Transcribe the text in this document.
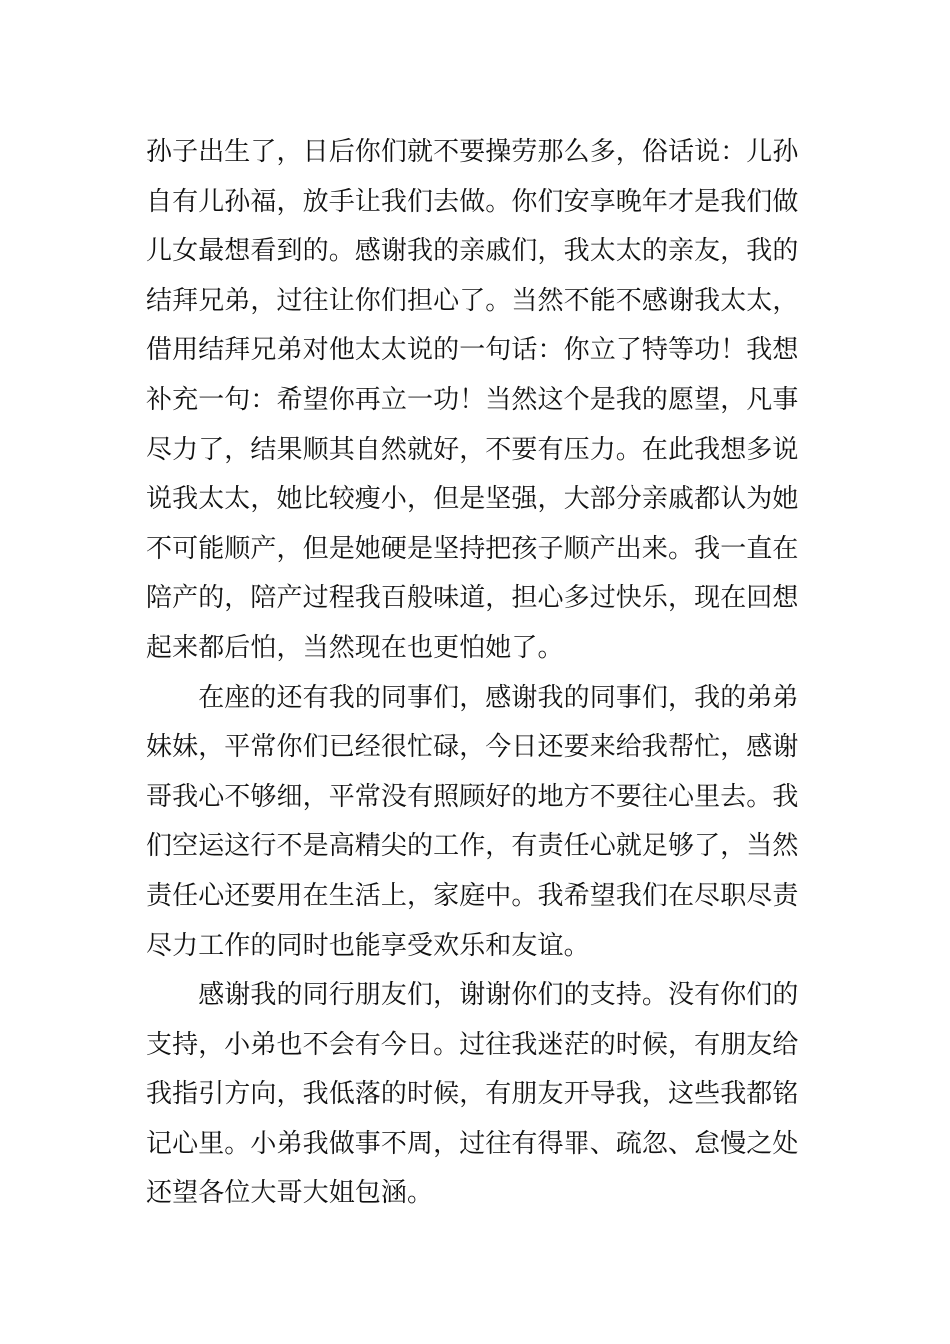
孙子出生了，日后你们就不要操劳那么多，俗话说：儿孙
自有儿孙福，放手让我们去做。你们安享晚年才是我们做
儿女最想看到的。感谢我的亲戚们，我太太的亲友，我的
结拜兄弟，过往让你们担心了。当然不能不感谢我太太，
借用结拜兄弟对他太太说的一句话：你立了特等功！我想
补充一句：希望你再立一功！当然这个是我的愿望，凡事
尽力了，结果顺其自然就好，不要有压力。在此我想多说
说我太太，她比较瘦小，但是坚强，大部分亲戚都认为她
不可能顺产，但是她硬是坚持把孩子顺产出来。我一直在
陪产的，陪产过程我百般味道，担心多过快乐，现在回想
起来都后怕，当然现在也更怕她了。
　　在座的还有我的同事们，感谢我的同事们，我的弟弟
妹妹，平常你们已经很忙碌，今日还要来给我帮忙，感谢
哥我心不够细，平常没有照顾好的地方不要往心里去。我
们空运这行不是高精尖的工作，有责任心就足够了，当然
责任心还要用在生活上，家庭中。我希望我们在尽职尽责
尽力工作的同时也能享受欢乐和友谊。
　　感谢我的同行朋友们，谢谢你们的支持。没有你们的
支持，小弟也不会有今日。过往我迷茫的时候，有朋友给
我指引方向，我低落的时候，有朋友开导我，这些我都铭
记心里。小弟我做事不周，过往有得罪、疏忽、怠慢之处
还望各位大哥大姐包涵。
